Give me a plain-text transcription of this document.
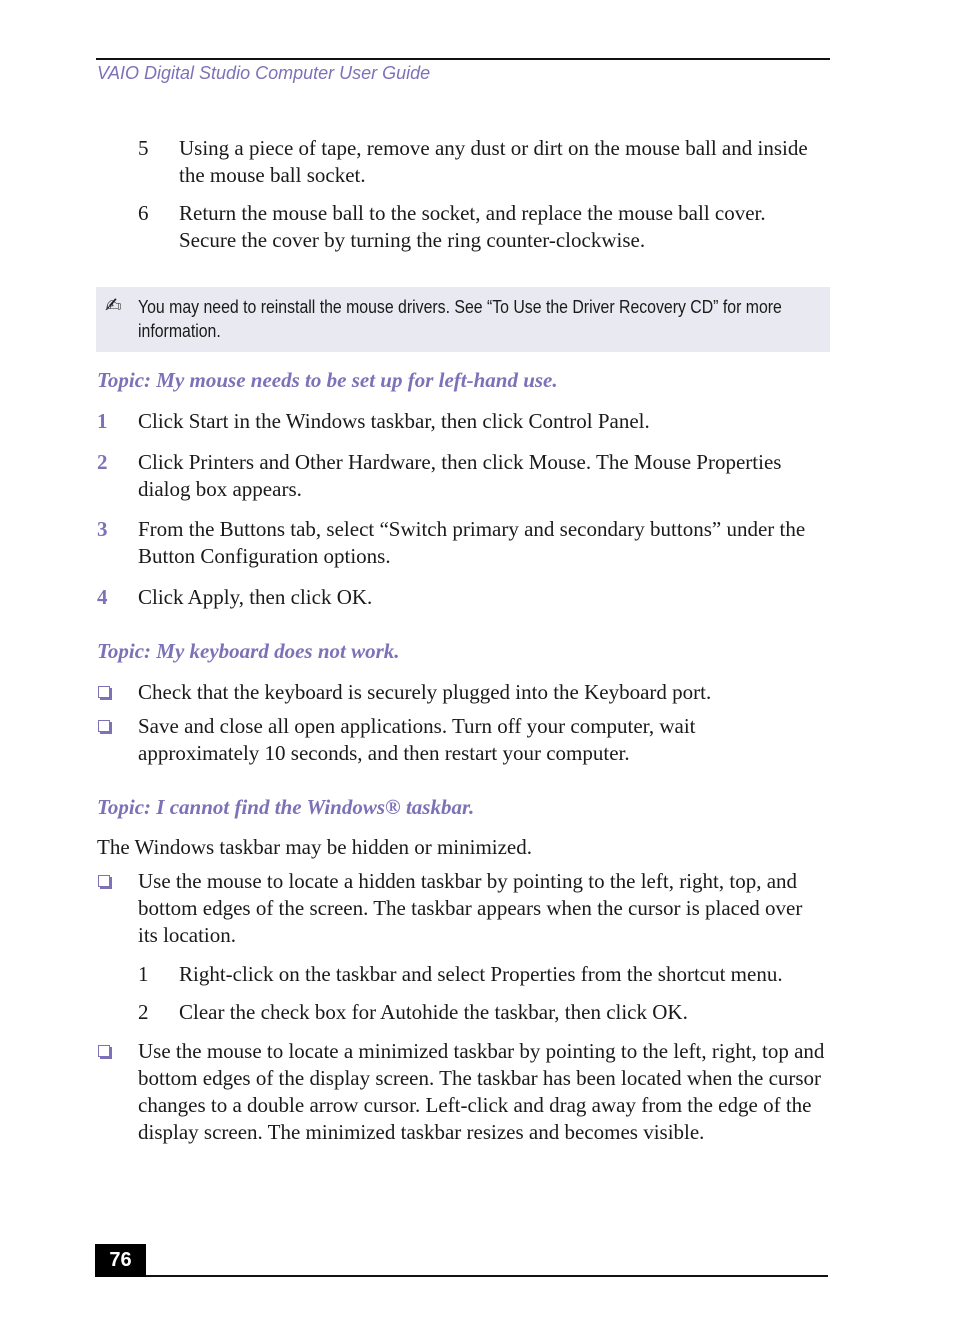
VAIO Digital Studio Computer User Guide
5 Using a piece of tape, remove any dust or dirt on the mouse ball and inside the mouse ball socket.

6 Return the mouse ball to the socket, and replace the mouse ball cover. Secure the cover by turning the ring counter-clockwise.

✍ You may need to reinstall the mouse drivers. See “To Use the Driver Recovery CD” for more information.
Topic: My mouse needs to be set up for left-hand use.
1 Click Start in the Windows taskbar, then click Control Panel.

2 Click Printers and Other Hardware, then click Mouse. The Mouse Properties dialog box appears.

3 From the Buttons tab, select “Switch primary and secondary buttons” under the Button Configuration options.

4 Click Apply, then click OK.

Topic: My keyboard does not work.

Check that the keyboard is securely plugged into the Keyboard port.

Save and close all open applications. Turn off your computer, wait approximately 10 seconds, and then restart your computer.

Topic: I cannot find the Windows® taskbar.

The Windows taskbar may be hidden or minimized.

Use the mouse to locate a hidden taskbar by pointing to the left, right, top, and bottom edges of the screen. The taskbar appears when the cursor is placed over its location.

1 Right-click on the taskbar and select Properties from the shortcut menu.

2 Clear the check box for Autohide the taskbar, then click OK.

Use the mouse to locate a minimized taskbar by pointing to the left, right, top and bottom edges of the display screen. The taskbar has been located when the cursor changes to a double arrow cursor. Left-click and drag away from the edge of the display screen. The minimized taskbar resizes and becomes visible.

76
